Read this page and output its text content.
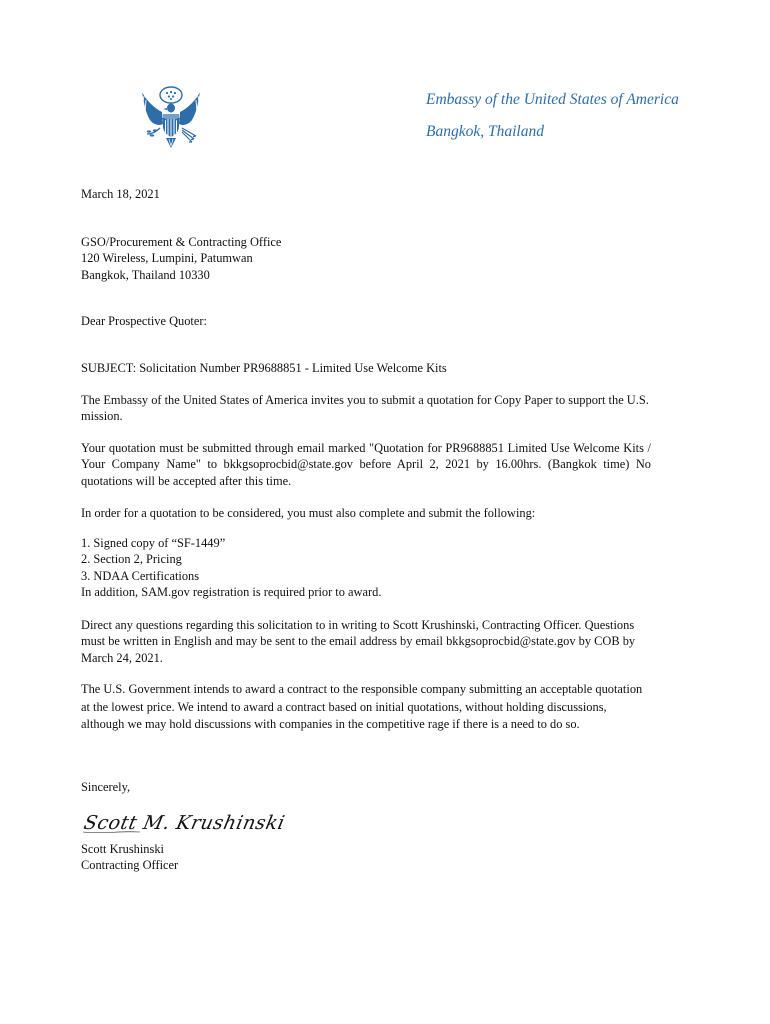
Embassy of the United States of America
Bangkok, Thailand
March 18, 2021
GSO/Procurement & Contracting Office
120 Wireless, Lumpini, Patumwan
Bangkok, Thailand 10330
Dear Prospective Quoter:
SUBJECT: Solicitation Number PR9688851 - Limited Use Welcome Kits

The Embassy of the United States of America invites you to submit a quotation for Copy Paper to support the U.S. mission.

Your quotation must be submitted through email marked "Quotation for PR9688851 Limited Use Welcome Kits / Your Company Name" to bkkgsoprocbid@state.gov before April 2, 2021 by 16.00hrs. (Bangkok time) No quotations will be accepted after this time.

In order for a quotation to be considered, you must also complete and submit the following:

1. Signed copy of “SF-1449”
2. Section 2, Pricing
3. NDAA Certifications
In addition, SAM.gov registration is required prior to award.

Direct any questions regarding this solicitation to in writing to Scott Krushinski, Contracting Officer. Questions must be written in English and may be sent to the email address by email bkkgsoprocbid@state.gov by COB by March 24, 2021.

The U.S. Government intends to award a contract to the responsible company submitting an acceptable quotation at the lowest price. We intend to award a contract based on initial quotations, without holding discussions, although we may hold discussions with companies in the competitive rage if there is a need to do so.

Sincerely,
Scott M. Krushinski
Scott Krushinski
Contracting Officer
